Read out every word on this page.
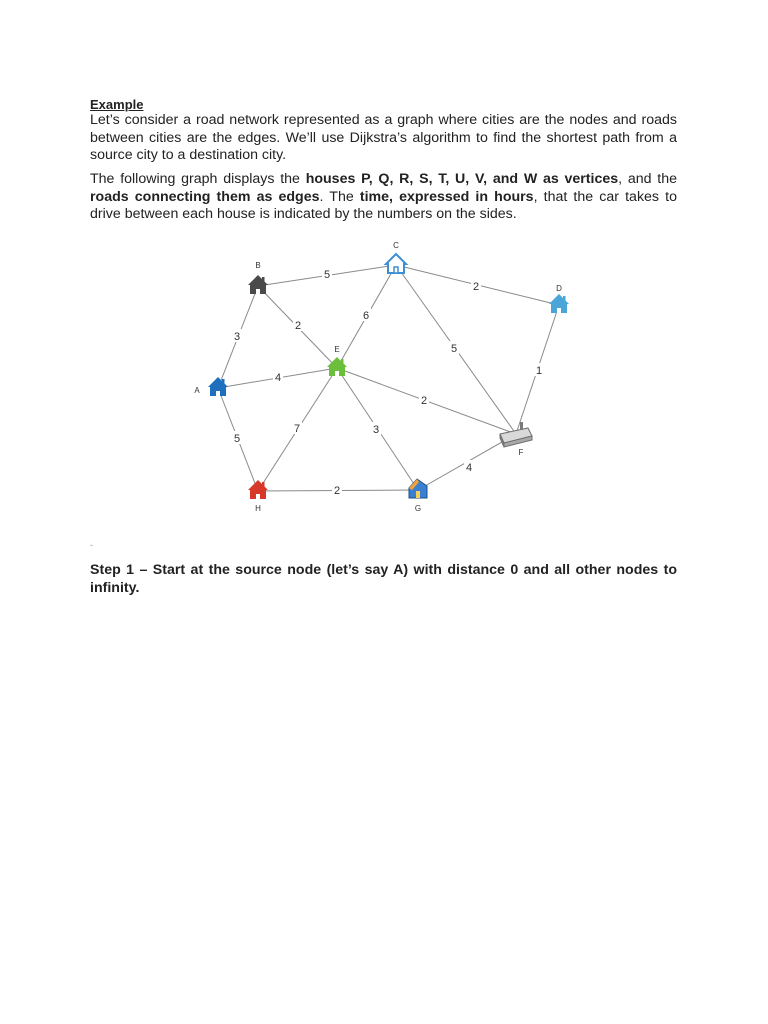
Example
Let’s consider a road network represented as a graph where cities are the nodes and roads between cities are the edges. We’ll use Dijkstra’s algorithm to find the shortest path from a source city to a destination city.
The following graph displays the houses P, Q, R, S, T, U, V, and W as vertices, and the roads connecting them as edges. The time, expressed in hours, that the car takes to drive between each house is indicated by the numbers on the sides.
5
2
3
2
6
5
1
4
2
5
7	3
2
4
A
B
C
D
E
F
G
H
-
Step 1 – Start at the source node (let’s say A) with distance 0 and all other nodes to infinity.
